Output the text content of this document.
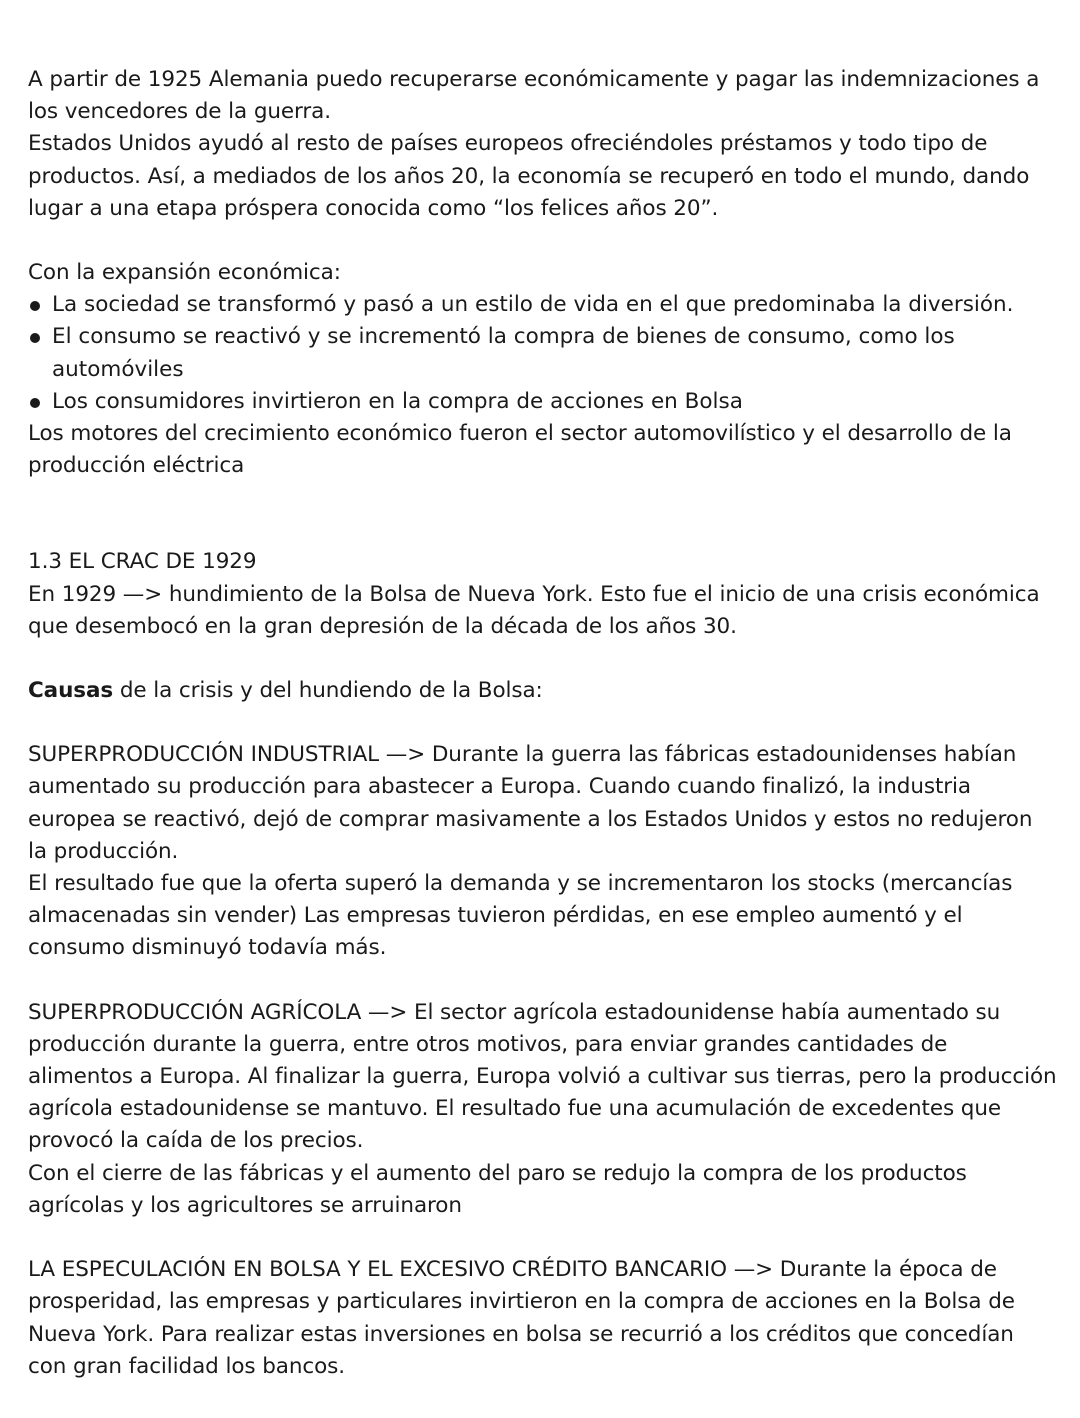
A partir de 1925 Alemania puedo recuperarse económicamente y pagar las indemnizaciones a los vencedores de la guerra.

Estados Unidos ayudó al resto de países europeos ofreciéndoles préstamos y todo tipo de productos. Así, a mediados de los años 20, la economía se recuperó en todo el mundo, dando lugar a una etapa próspera conocida como “los felices años 20”.

Con la expansión económica:

La sociedad se transformó y pasó a un estilo de vida en el que predominaba la diversión.
El consumo se reactivó y se incrementó la compra de bienes de consumo, como los automóviles
Los consumidores invirtieron en la compra de acciones en Bolsa

Los motores del crecimiento económico fueron el sector automovilístico y el desarrollo de la producción eléctrica

1.3 EL CRAC DE 1929

En 1929 —> hundimiento de la Bolsa de Nueva York. Esto fue el inicio de una crisis económica que desembocó en la gran depresión de la década de los años 30.

Causas de la crisis y del hundiendo de la Bolsa:

SUPERPRODUCCIÓN INDUSTRIAL —> Durante la guerra las fábricas estadounidenses habían aumentado su producción para abastecer a Europa. Cuando cuando finalizó, la industria europea se reactivó, dejó de comprar masivamente a los Estados Unidos y estos no redujeron la producción.

El resultado fue que la oferta superó la demanda y se incrementaron los stocks (mercancías almacenadas sin vender) Las empresas tuvieron pérdidas, en ese empleo aumentó y el consumo disminuyó todavía más.

SUPERPRODUCCIÓN AGRÍCOLA —> El sector agrícola estadounidense había aumentado su producción durante la guerra, entre otros motivos, para enviar grandes cantidades de alimentos a Europa. Al finalizar la guerra, Europa volvió a cultivar sus tierras, pero la producción agrícola estadounidense se mantuvo. El resultado fue una acumulación de excedentes que provocó la caída de los precios.

Con el cierre de las fábricas y el aumento del paro se redujo la compra de los productos agrícolas y los agricultores se arruinaron

LA ESPECULACIÓN EN BOLSA Y EL EXCESIVO CRÉDITO BANCARIO —> Durante la época de prosperidad, las empresas y particulares invirtieron en la compra de acciones en la Bolsa de Nueva York. Para realizar estas inversiones en bolsa se recurrió a los créditos que concedían con gran facilidad los bancos.
